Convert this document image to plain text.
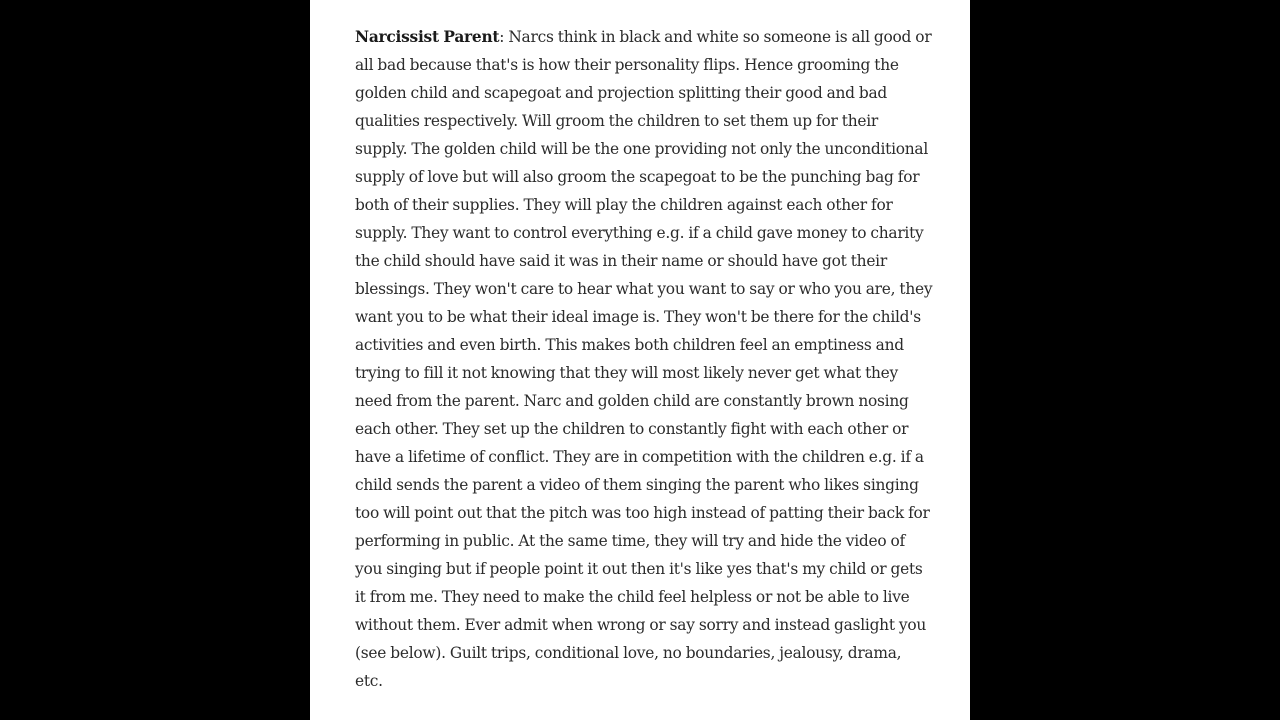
Narcissist Parent: Narcs think in black and white so someone is all good or all bad because that's is how their personality flips. Hence grooming the golden child and scapegoat and projection splitting their good and bad qualities respectively. Will groom the children to set them up for their supply. The golden child will be the one providing not only the unconditional supply of love but will also groom the scapegoat to be the punching bag for both of their supplies. They will play the children against each other for supply. They want to control everything e.g. if a child gave money to charity the child should have said it was in their name or should have got their blessings. They won't care to hear what you want to say or who you are, they want you to be what their ideal image is. They won't be there for the child's activities and even birth. This makes both children feel an emptiness and trying to fill it not knowing that they will most likely never get what they need from the parent. Narc and golden child are constantly brown nosing each other. They set up the children to constantly fight with each other or have a lifetime of conflict. They are in competition with the children e.g. if a child sends the parent a video of them singing the parent who likes singing too will point out that the pitch was too high instead of patting their back for performing in public. At the same time, they will try and hide the video of you singing but if people point it out then it's like yes that's my child or gets it from me. They need to make the child feel helpless or not be able to live without them. Ever admit when wrong or say sorry and instead gaslight you (see below). Guilt trips, conditional love, no boundaries, jealousy, drama, etc.
